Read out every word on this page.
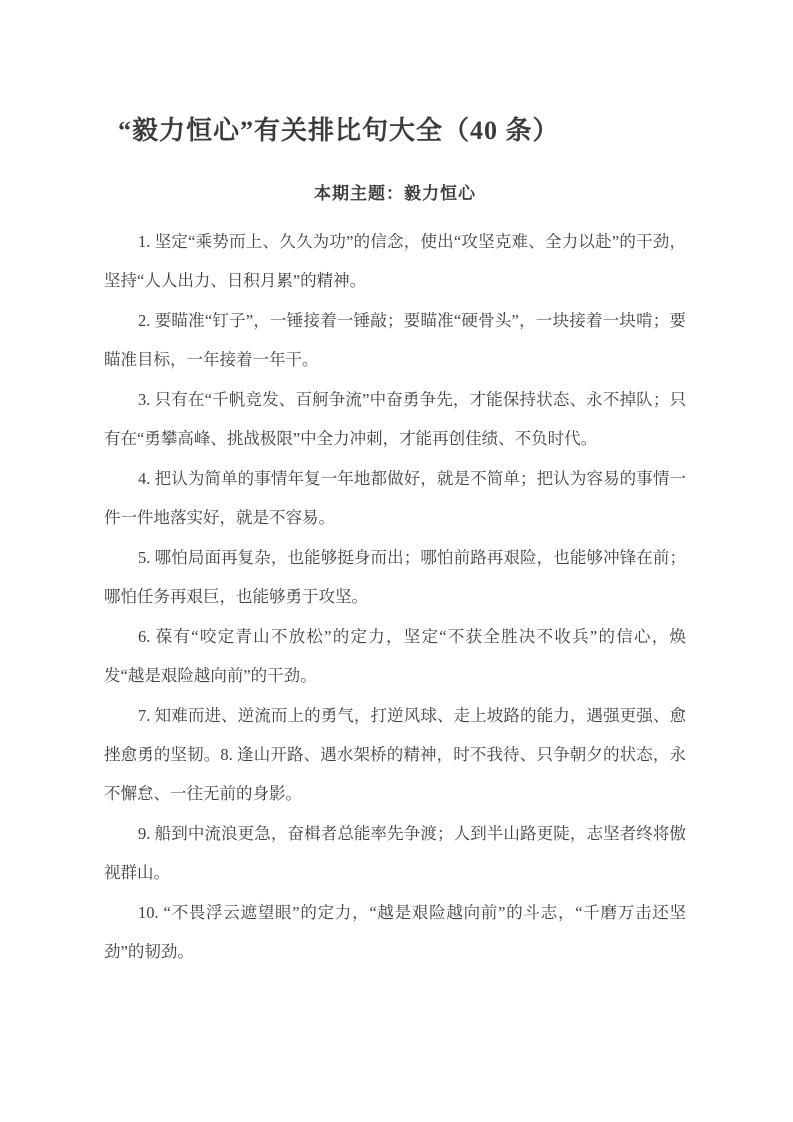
“毅力恒心”有关排比句大全（40 条）
本期主题：毅力恒心

1. 坚定“乘势而上、久久为功”的信念，使出“攻坚克难、全力以赴”的干劲，坚持“人人出力、日积月累”的精神。

2. 要瞄准“钉子”，一锤接着一锤敲；要瞄准“硬骨头”，一块接着一块啃；要瞄准目标，一年接着一年干。

3. 只有在“千帆竞发、百舸争流”中奋勇争先，才能保持状态、永不掉队；只有在“勇攀高峰、挑战极限”中全力冲刺，才能再创佳绩、不负时代。

4. 把认为简单的事情年复一年地都做好，就是不简单；把认为容易的事情一件一件地落实好，就是不容易。

5. 哪怕局面再复杂，也能够挺身而出；哪怕前路再艰险，也能够冲锋在前；哪怕任务再艰巨，也能够勇于攻坚。

6. 葆有“咬定青山不放松”的定力，坚定“不获全胜决不收兵”的信心，焕发“越是艰险越向前”的干劲。

7. 知难而进、逆流而上的勇气，打逆风球、走上坡路的能力，遇强更强、愈挫愈勇的坚韧。8. 逢山开路、遇水架桥的精神，时不我待、只争朝夕的状态，永不懈怠、一往无前的身影。

9. 船到中流浪更急，奋楫者总能率先争渡；人到半山路更陡，志坚者终将傲视群山。

10. “不畏浮云遮望眼”的定力，“越是艰险越向前”的斗志，“千磨万击还坚劲”的韧劲。
